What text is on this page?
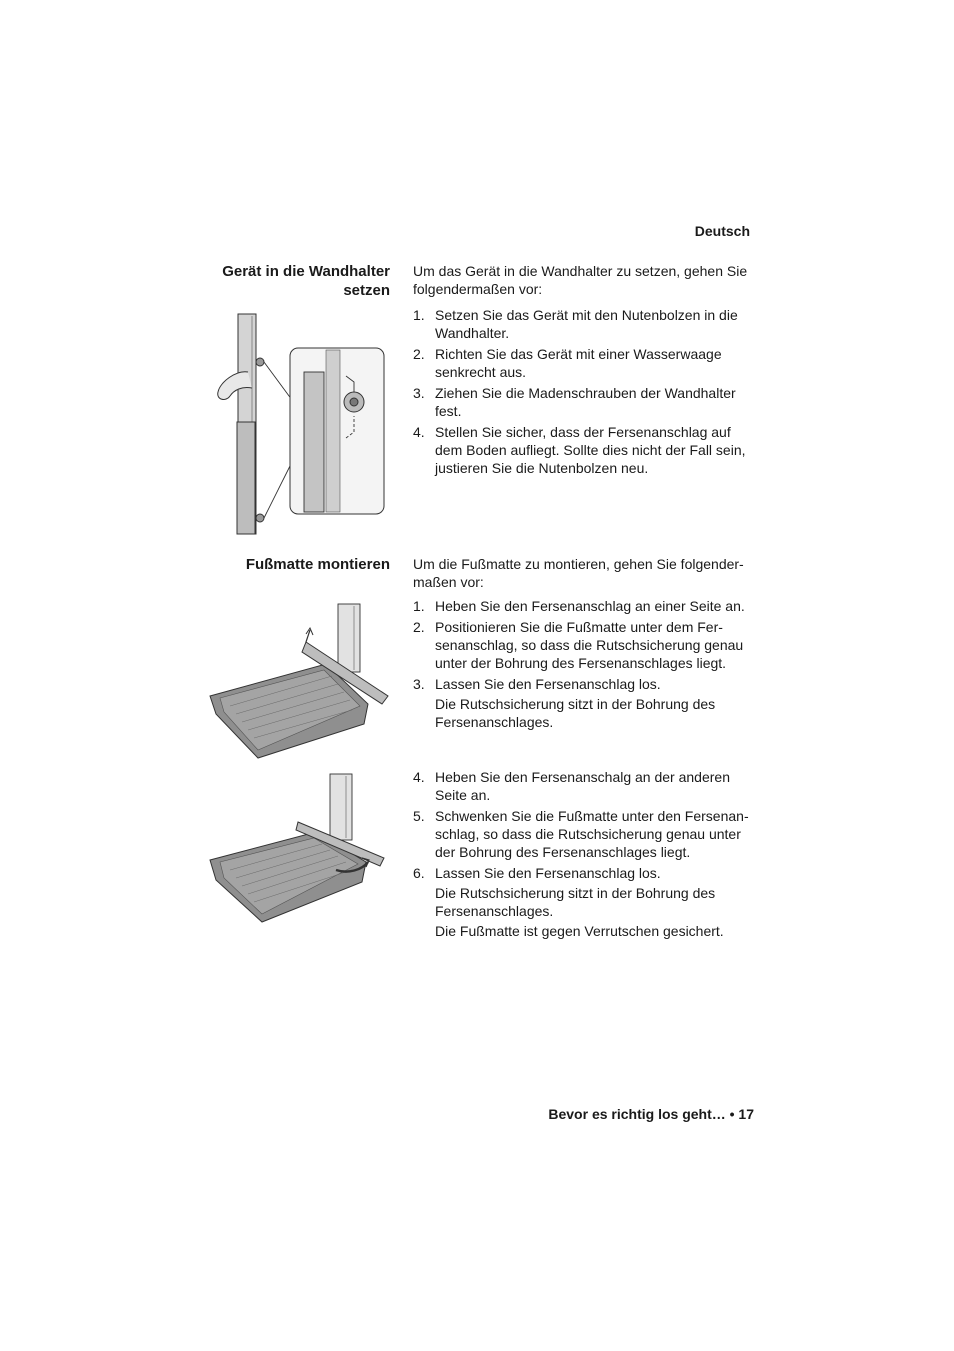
Deutsch
Gerät in die Wandhalter
setzen
Um das Gerät in die Wandhalter zu setzen, gehen Sie folgendermaßen vor:
1. Setzen Sie das Gerät mit den Nutenbolzen in die Wandhalter.
2. Richten Sie das Gerät mit einer Wasserwaage senkrecht aus.
3. Ziehen Sie die Madenschrauben der Wandhalter fest.
4. Stellen Sie sicher, dass der Fersenanschlag auf dem Boden aufliegt. Sollte dies nicht der Fall sein, justieren Sie die Nutenbolzen neu.
Fußmatte montieren Um die Fußmatte zu montieren, gehen Sie folgender-maßen vor:
1. Heben Sie den Fersenanschlag an einer Seite an.
2. Positionieren Sie die Fußmatte unter dem Fer-senanschlag, so dass die Rutschsicherung genau unter der Bohrung des Fersenanschlages liegt.
3. Lassen Sie den Fersenanschlag los.
Die Rutschsicherung sitzt in der Bohrung des Fersenanschlages.
4. Heben Sie den Fersenanschalg an der anderen Seite an.
5. Schwenken Sie die Fußmatte unter den Fersenan-schlag, so dass die Rutschsicherung genau unter der Bohrung des Fersenanschlages liegt.
6. Lassen Sie den Fersenanschlag los.
Die Rutschsicherung sitzt in der Bohrung des Fersenanschlages.
Die Fußmatte ist gegen Verrutschen gesichert.
Bevor es richtig los geht… • 17
